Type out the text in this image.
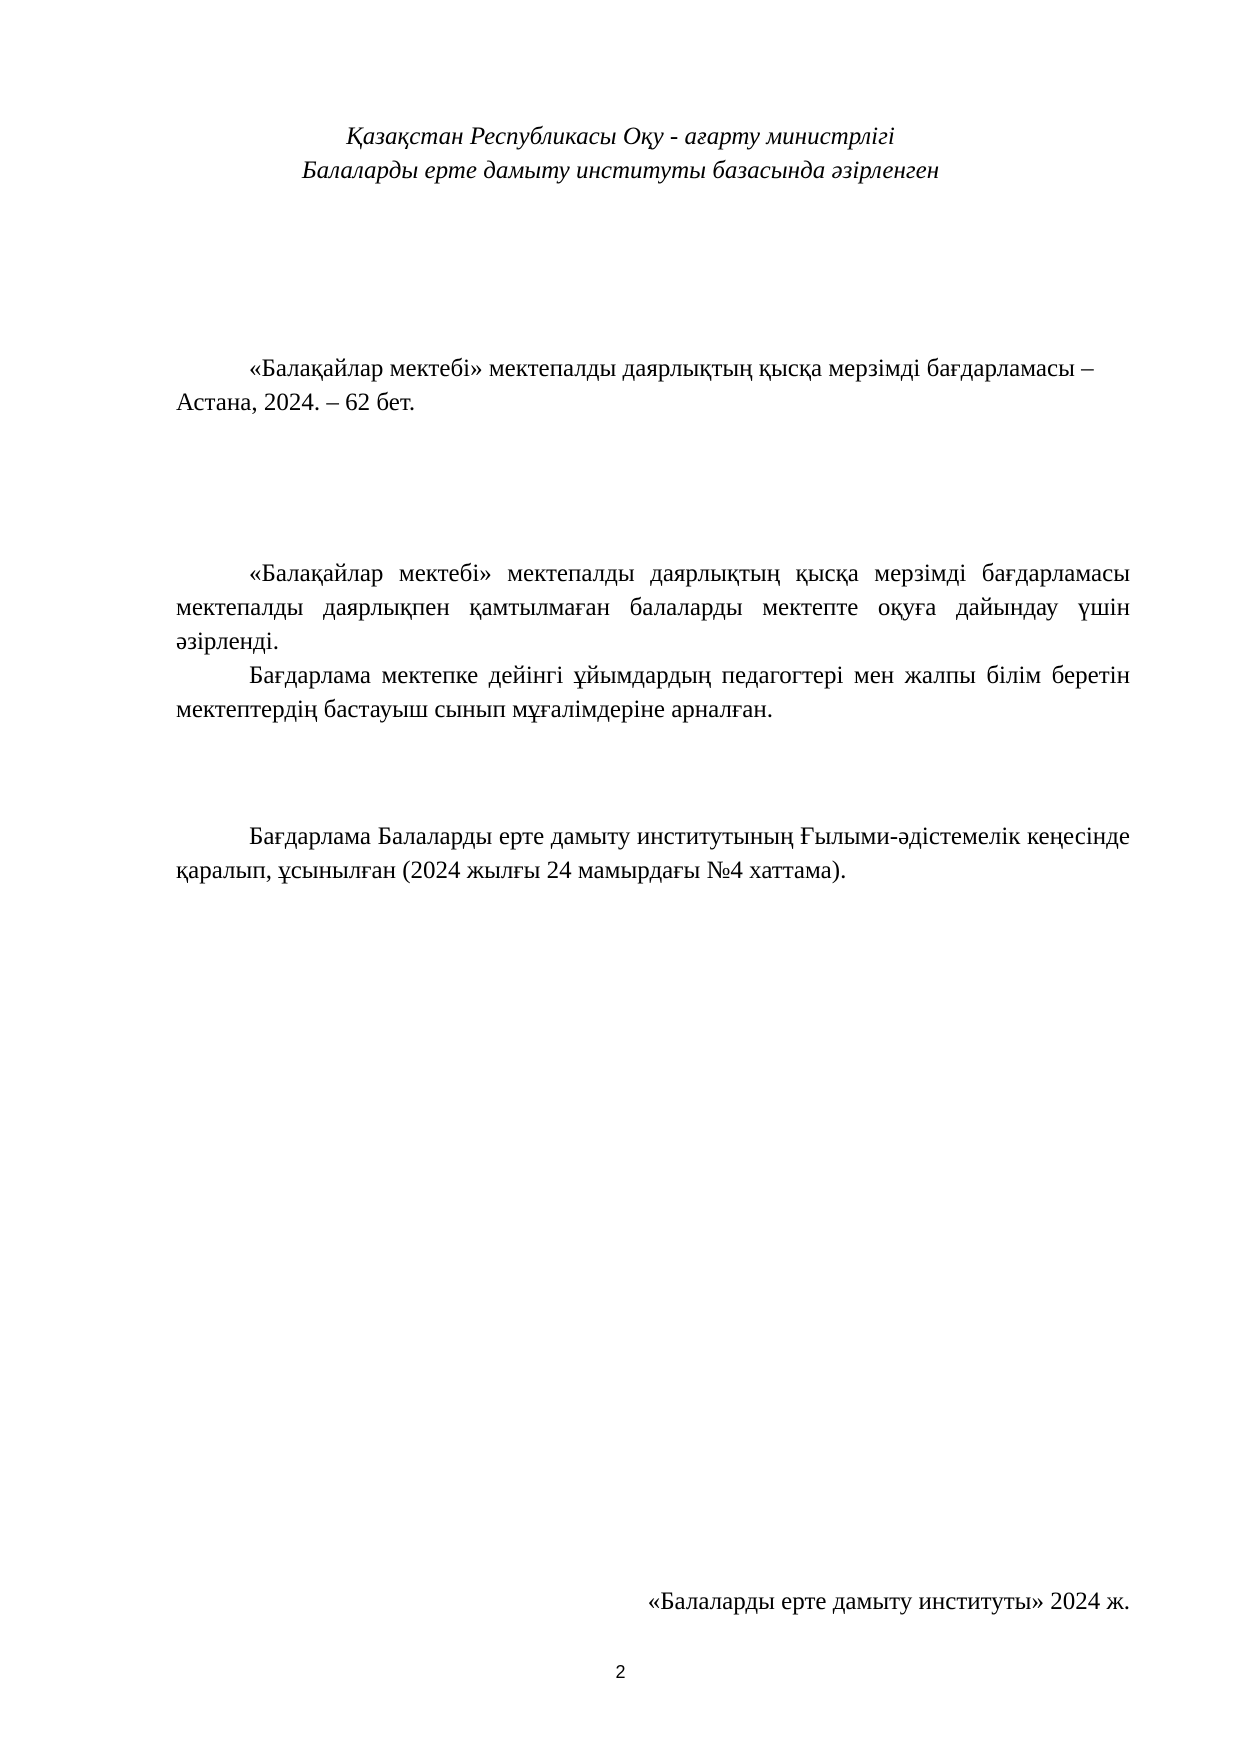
Қазақстан Республикасы Оқу - ағарту министрлігі
Балаларды ерте дамыту институты базасында әзірленген

«Балақайлар мектебі» мектепалды даярлықтың қысқа мерзімді бағдарламасы – Астана, 2024. – 62 бет.

«Балақайлар мектебі» мектепалды даярлықтың қысқа мерзімді бағдарламасы мектепалды даярлықпен қамтылмаған балаларды мектепте оқуға дайындау үшін әзірленді.

Бағдарлама мектепке дейінгі ұйымдардың педагогтері мен жалпы білім беретін мектептердің бастауыш сынып мұғалімдеріне арналған.

Бағдарлама Балаларды ерте дамыту институтының Ғылыми-әдістемелік кеңесінде қаралып, ұсынылған (2024 жылғы 24 мамырдағы №4 хаттама).

«Балаларды ерте дамыту институты» 2024 ж.
2
